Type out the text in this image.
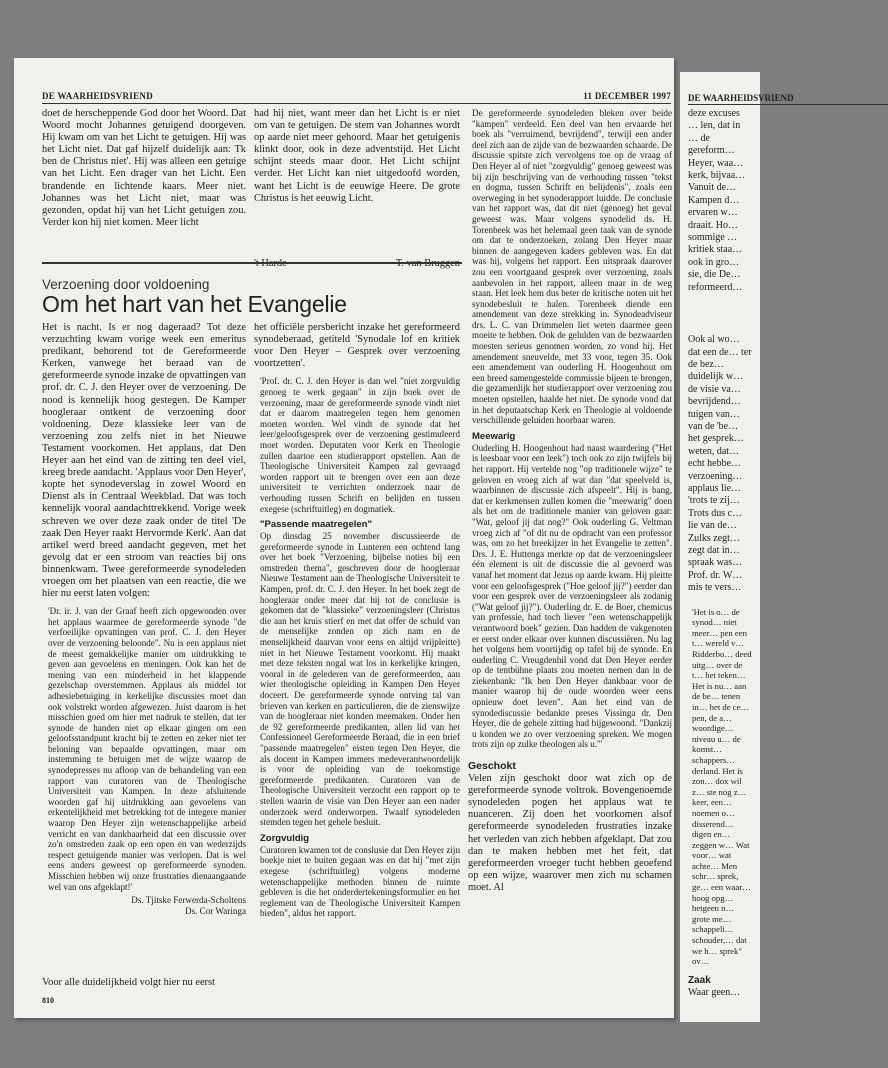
DE WAARHEIDSVRIEND	11 DECEMBER 1997

doet de herscheppende God door het Woord. Dat Woord mocht Johannes getuigend doorgeven. Hij kwam om van het Licht te getuigen. Hij was het Licht niet. Dat gaf hijzelf duidelijk aan: Tk ben de Christus niet'. Hij was alleen een getuige van het Licht. Een drager van het Licht. Een brandende en lichtende kaars. Meer niet. Johannes was het Licht niet, maar was gezonden, opdat hij van het Licht getuigen zou. Verder kon hij niet komen. Meer licht

had hij niet, want meer dan het Licht is er niet om van te getuigen. De stem van Johannes wordt op aarde niet meer gehoord. Maar het getuigenis klinkt door, ook in deze adventstijd. Het Licht schijnt steeds maar door. Het Licht schijnt verder. Het Licht kan niet uitgedoofd worden, want het Licht is de eeuwige Heere. De grote Christus is het eeuwig Licht.

Verzoening door voldoening
Om het hart van het Evangelie

Het is nacht. Is er nog dageraad? Tot deze verzuchting kwam vorige week een emeritus predikant, behorend tot de Gereformeerde Kerken, vanwege het beraad van de gereformeerde synode inzake de opvattingen van prof. dr. C. J. den Heyer over de verzoening. De nood is kennelijk hoog gestegen. De Kamper hoogleraar ontkent de verzoening door voldoening. Deze klassieke leer van de verzoening zou zelfs niet in het Nieuwe Testament voorkomen. Het applaus, dat Den Heyer aan het eind van de zitting ten deel viel, kreeg brede aandacht. 'Applaus voor Den Heyer', kopte het synodeverslag in zowel Woord en Dienst als in Centraal Weekblad. Dat was toch kennelijk vooral aandachttrekkend. Vorige week schreven we over deze zaak onder de titel 'De zaak Den Heyer raakt Hervormde Kerk'. Aan dat artikel werd breed aandacht gegeven, met het gevolg dat er een stroom van reacties bij ons binnenkwam. Twee gereformeerde synodeleden vroegen om het plaatsen van een reactie, die we hier nu eerst laten volgen:

'Dr. ir. J. van der Graaf heeft zich opgewonden over het applaus waarmee de gereformeerde synode "de verfoeilijke opvattingen van prof. C. J. den Heyer over de verzoening beloonde". Nu is een applaus niet de meest gemakkelijke manier om uitdrukking te geven aan gevoelens en meningen. Ook kan het de mening van een minderheid in het klappende gezelschap overstemmen. Applaus als middel tot adhesiebetuiging in kerkelijke discussies moet dan ook volstrekt worden afgewezen. Juist daarom is het misschien goed om hier met nadruk te stellen, dat ter synode de handen niet op elkaar gingen om een geloofsstandpunt kracht bij te zetten en zeker niet ter beloning van bepaalde opvattingen, maar om instemming te betuigen met de wijze waarop de synodepresses nu afloop van de behandeling van een rapport van curatoren van de Theologische Universiteit van Kampen. In deze afsluitende woorden gaf hij uitdrukking aan gevoelens van erkentelijkheid met betrekking tot de integere manier waarop Den Heyer zijn wetenschappelijke arbeid verricht en van dankbaarheid dat een discussie over zo'n omstreden zaak op een open en van wederzijds respect getuigende manier was verlopen. Dat is wel eens anders geweest op gereformeerde synoden. Misschien hebben wij onze frustraties dienaangaande wel van ons afgeklapt!'

Ds. Tjitske Ferwerda-Scholtens

Ds. Cor Waringa

Voor alle duidelijkheid volgt hier nu eerst

het officiële persbericht inzake het gereformeerd synodeberaad, getiteld 'Synodale lof en kritiek voor Den Heyer – Gesprek over verzoening voortzetten'.

'Prof. dr. C. J. den Heyer is dan wel "niet zorgvuldig genoeg te werk gegaan" in zijn boek over de verzoening, maar de gereformeerde synode vindt niet dat er daarom maatregelen tegen hem genomen moeten worden. Wel vindt de synode dat het leer/geloofsgesprek over de verzoening gestimuleerd moet worden. Deputaten voor Kerk en Theologie zullen daartoe een studierapport opstellen. Aan de Theologische Universiteit Kampen zal gevraagd worden rapport uit te brengen over een aan deze universiteit te verrichten onderzoek naar de verhouding tussen Schrift en belijden en tussen exegese (schriftuitleg) en dogmatiek.

"Passende maatregelen"

Op dinsdag 25 november discussieerde de gereformeerde synode in Lunteren een ochtend lang over het boek "Verzoening, bijbelse noties bij een omstreden thema", geschreven door de hoogleraar Nieuwe Testament aan de Theologische Universiteit te Kampen, prof. dr. C. J. den Heyer. In het boek zegt de hoogleraar onder meer dat hij tot de conclusie is gekomen dat de "klassieke" verzoeningsleer (Christus die aan het kruis stierf en met dat offer de schuld van de menselijke zonden op zich nam en de menselijkheid daarvan voor eens en altijd vrijpleitte) niet in het Nieuwe Testament voorkomt. Hij maakt met deze teksten nogal wat los in kerkelijke kringen, vooral in de gelederen van de gereformeerden, aan wier theologische opleiding in Kampen Den Heyer doceert. De gereformeerde synode ontving tal van brieven van kerken en particulieren, die de zienswijze van de hoogleraar niet konden meemaken. Onder hen de 92 gereformeerde predikanten, allen lid van het Confessioneel Gereformeerde Beraad, die in een brief "passende maatregelen" eisten tegen Den Heyer, die als docent in Kampen immers medeverantwoordelijk is voor de opleiding van de toekomstige gereformeerde predikanten. Curatoren van de Theologische Universiteit verzocht een rapport op te stellen waarin de visie van Den Heyer aan een nader onderzoek werd onderworpen. Twaalf synodeleden stemden tegen het gehele besluit.

Zorgvuldig

Curatoren kwamen tot de conslusie dat Den Heyer zijn boekje niet te buiten gegaan was en dat hij "met zijn exegese (schriftuitleg) volgens moderne wetenschappelijke methoden binnen de ruimte gebleven is die het onderdertekeningsformulier en het reglement van de Theologische Universiteit Kampen bieden", aldus het rapport.

De gereformeerde synodeleden bleken over beide "kampen" verdeeld. Een deel van hen ervaarde het boek als "verruimend, bevrijdend", terwijl een ander deel zich aan de zijde van de bezwaarden schaarde. De discussie spitste zich vervolgens toe op de vraag of Den Heyer al of niet "zorgvuldig" genoeg geweest was bij zijn beschrijving van de verhouding tussen "tekst en dogma, tussen Schrift en belijdenis", zoals een overweging in het synoderapport luidde. De conclusie van het rapport was, dat dit niet (genoeg) het geval geweest was. Maar volgens synodelid ds. H. Torenbeek was het helemaal geen taak van de synode om dat te onderzoeken, zolang Den Heyer maar binnen de aangegeven kaders gebleven was. En dat was hij, volgens het rapport. Een uitspraak daarover zou een voortgaand gesprek over verzoening, zoals aanbevolen in het rapport, alleen maar in de weg staan. Het leek hem dus beter de kritische noten uit het synodebesluit te halen. Torenbeek diende een amendement van deze strekking in. Synodeadviseur drs. L. C. van Drimmelen liet weten daarmee geen moeite te hebben. Ook de gelulden van de bezwaarden moesten serieus genomen worden, zo vond hij. Het amendement sneuvelde, met 33 voor, tegen 35. Ook een amendement van ouderling H. Hoogenhout om een breed samengestelde commissie bijeen te brengen, die gezamenlijk het studierapport over verzoening zou moeten opstellen, haalde het niet. De synode vond dat in het deputaatschap Kerk en Theologie al voldoende verschillende geluiden hoorbaar waren.

Meewarig

Ouderling H. Hoogenhout had naast waardering ("Het is leesbaar voor een leek") toch ook zo zijn twijfels bij het rapport. Hij vertelde nog "op traditionele wijze" te geloven en vroeg zich af wat dan "dat speelveld is, waarbinnen de discussie zich afspeelt". Hij is bang, dat er kerkmensen zullen komen die "meewarig" doen als het om de traditionele manier van geloven gaat: "Wat, geloof jij dat nog?" Ook ouderling G. Veltman vroeg zich af "of dit nu de opdracht van een professor was, om zo het breekijzer in het Evangelie te zetten". Drs. J. E. Huttenga merkte op dat de verzoeningsleer één element is uit de discussie die al gevoerd was vanaf het moment dat Jezus op aarde kwam. Hij pleitte voor een geloofsgesprek ("Hoe geloof jij?") eerder dan voor een gesprek over de verzoeningsleer als zodanig ("Wat geloof jij?"). Ouderling dr. E. de Boer, chemicus van professie, had toch liever "een wetenschappelijk verantwoord boek" gezien. Dan hadden de vakgenoten er eerst onder elkaar over kunnen discussiëren. Nu lag het volgens hem voortijdig op tafel bij de synode. En ouderling C. Vreugdenhil vond dat Den Heyer eerder op de tentbühne plaats zou moeten nemen dan in de ziekenbank: "Ik ben Den Heyer dankbaar voor de manier waarop hij de oude woorden weer eens opnieuw doet leven". Aan het eind van de synodediscussie bedankte preses Vissinga dr. Den Heyer, die de gehele zitting had bijgewoond. "Dankzij u konden we zo over verzoening spreken. We mogen trots zijn op zulke theologen als u."'

Geschokt

Velen zijn geschokt door wat zich op de gereformeerde synode voltrok. Bovengenoemde synodeleden pogen het applaus wat te nuanceren. Zij doen het voorkomen alsof gereformeerde synodeleden frustraties inzake het verleden van zich hebben afgeklapt. Dat zou dan te maken hebben met het feit, dat gereformeerden vroeger tucht hebben geoefend op een wijze, waarover men zich nu schamen moet. Al

810
DE WAARHEIDSVRIEND

deze excuses … len, dat in … de gereform… Heyer, waa… kerk, bijvaa… Vanuit de… Kampen d… ervaren w… draait. Ho… sommige … kritiek staa… ook in gro… sie, die De… reformeerd…

Ook al wo… dat een de… ter de bez… duidelijk w… de visie va… bevrijdend… tuigen van… van de 'be… het gesprek… weten, dat… echt hebbe… verzoening… applaus lie… 'trots te zij… Trots dus c… lie van de… Zulks zegt… zegt dat in… spraak was… Prof. dr. W… mis te vers…

'Het is o… de synod… niet meer… pen een t… wereld v… Ridderbo… deed uitg… over de t… het teken… Het is nu… aan de be… tenen in… het de ce… pen, de a… woordige… niveau u… de komst… schappers… derland. Het is zon… dox wil z… ste nog z… keer, een… noemen o… disserend… digen en… zeggen w… Wat voor… wat achte… Men schr… sprek, ge… een waar… hoog opg… hetgeen n… grote me… schappeli… schouder,… dat we h… sprek" ov…

Zaak

Waar geen…
